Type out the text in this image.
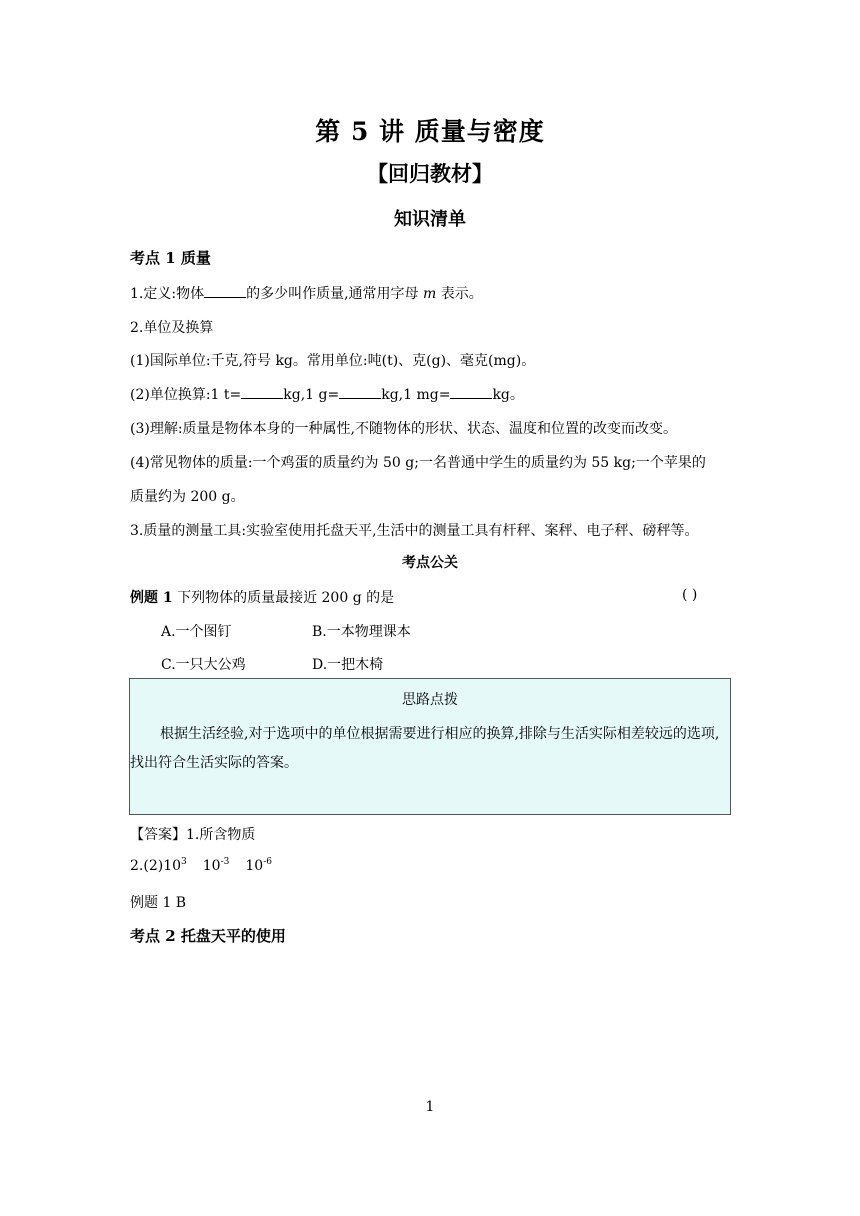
第 5 讲 质量与密度
【回归教材】
知识清单
考点 1 质量
1.定义:物体	的多少叫作质量,通常用字母 m 表示。
2.单位及换算
(1)国际单位:千克,符号 kg。常用单位:吨(t)、克(g)、毫克(mg)。
(2)单位换算:1 t=	kg,1 g=	kg,1 mg=	kg。
(3)理解:质量是物体本身的一种属性,不随物体的形状、状态、温度和位置的改变而改变。
(4)常见物体的质量:一个鸡蛋的质量约为 50 g;一名普通中学生的质量约为 55 kg;一个苹果的
质量约为 200 g。
3.质量的测量工具:实验室使用托盘天平,生活中的测量工具有杆秤、案秤、电子秤、磅秤等。
考点公关
例题 1 下列物体的质量最接近 200 g 的是	( )
A.一个图钉	B.一本物理课本
C.一只大公鸡	D.一把木椅
思路点拨
根据生活经验,对于选项中的单位根据需要进行相应的换算,排除与生活实际相差较远的选项,找出符合生活实际的答案。
【答案】1.所含物质
$2.(2)10^3$ $10^{-3}$ $10^{-6}$
例题 1 B
考点 2 托盘天平的使用
1
